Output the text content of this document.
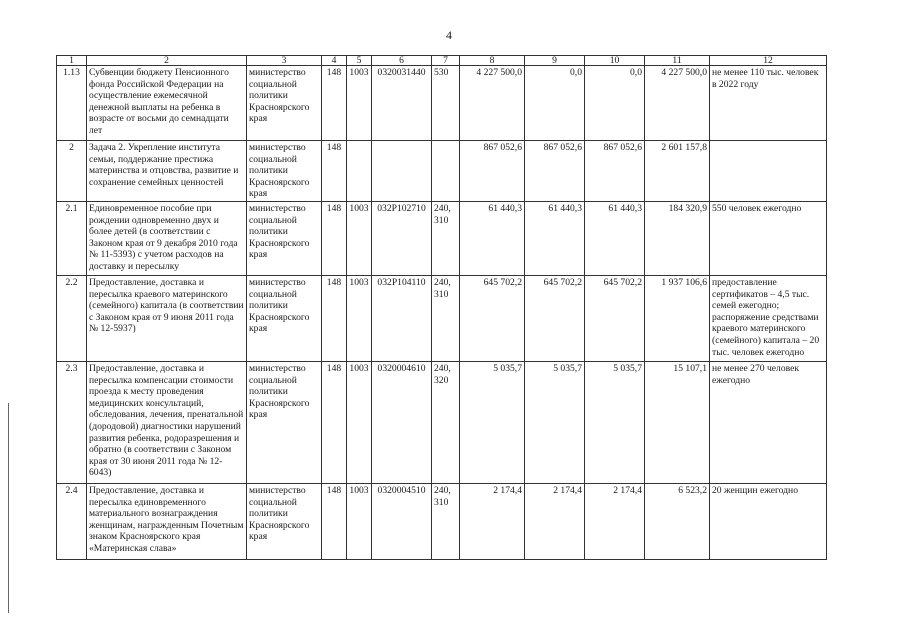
4
1	2	3	4	5	6	7	8	9	10	11	12
1.13	Субвенции бюджету Пенсионного фонда Российской Федерации на осуществление ежемесячной денежной выплаты на ребенка в возрасте от восьми до семнадцати лет	министерство социальной политики Красноярского края	148	1003	0320031440	530	4 227 500,0	0,0	0,0	4 227 500,0	не менее 110 тыс. человек в 2022 году
2	Задача 2. Укрепление института семьи, поддержание престижа материнства и отцовства, развитие и сохранение семейных ценностей	министерство социальной политики Красноярского края	148				867 052,6	867 052,6	867 052,6	2 601 157,8	
2.1	Единовременное пособие при рождении одновременно двух и более детей (в соответствии с Законом края от 9 декабря 2010 года № 11-5393) с учетом расходов на доставку и пересылку	министерство социальной политики Красноярского края	148	1003	032Р102710	240, 310	61 440,3	61 440,3	61 440,3	184 320,9	550 человек ежегодно
2.2	Предоставление, доставка и пересылка краевого материнского (семейного) капитала (в соответствии с Законом края от 9 июня 2011 года № 12-5937)	министерство социальной политики Красноярского края	148	1003	032Р104110	240, 310	645 702,2	645 702,2	645 702,2	1 937 106,6	предоставление сертификатов – 4,5 тыс. семей ежегодно; распоряжение средствами краевого материнского (семейного) капитала – 20 тыс. человек ежегодно
2.3	Предоставление, доставка и пересылка компенсации стоимости проезда к месту проведения медицинских консультаций, обследования, лечения, пренатальной (дородовой) диагностики нарушений развития ребенка, родоразрешения и обратно (в соответствии с Законом края от 30 июня 2011 года № 12-6043)	министерство социальной политики Красноярского края	148	1003	0320004610	240, 320	5 035,7	5 035,7	5 035,7	15 107,1	не менее 270 человек ежегодно
2.4	Предоставление, доставка и пересылка единовременного материального вознаграждения женщинам, награжденным Почетным знаком Красноярского края «Материнская слава»	министерство социальной политики Красноярского края	148	1003	0320004510	240, 310	2 174,4	2 174,4	2 174,4	6 523,2	20 женщин ежегодно
